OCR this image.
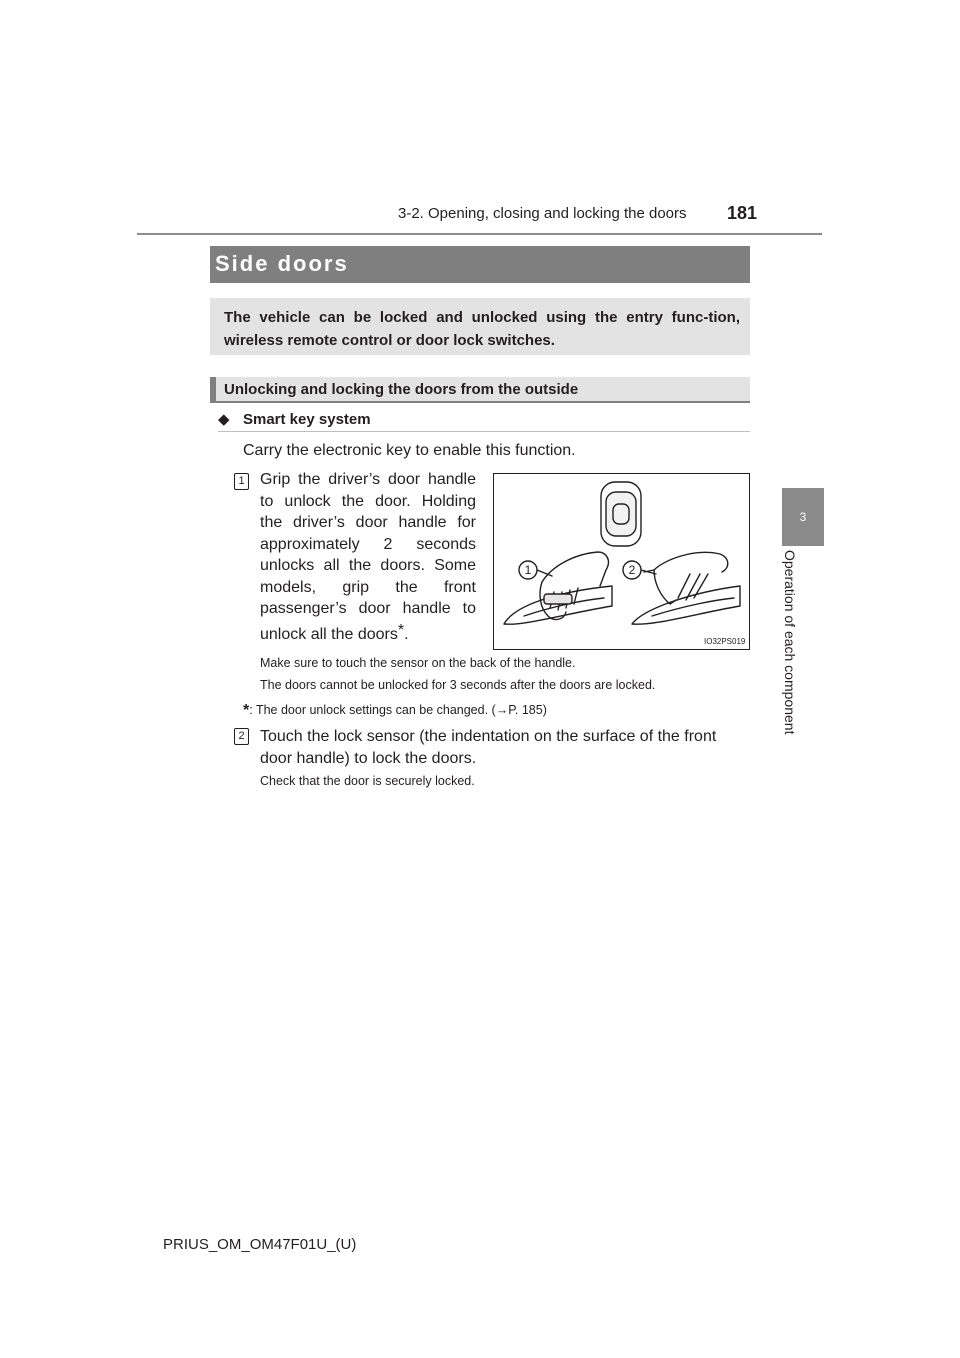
3-2. Opening, closing and locking the doors 181
3
Operation of each component
Side doors
The vehicle can be locked and unlocked using the entry func-tion, wireless remote control or door lock switches.
Unlocking and locking the doors from the outside
◆ Smart key system
Carry the electronic key to enable this function.
1 Grip the driver’s door handle to unlock the door. Holding the driver’s door handle for approximately 2 seconds unlocks all the doors. Some models, grip the front passenger’s door handle to unlock all the doors*.
1	2
IO32PS019
Make sure to touch the sensor on the back of the handle.
The doors cannot be unlocked for 3 seconds after the doors are locked.
*: The door unlock settings can be changed. (→P. 185)
2 Touch the lock sensor (the indentation on the surface of the front door handle) to lock the doors.
Check that the door is securely locked.
PRIUS_OM_OM47F01U_(U)
